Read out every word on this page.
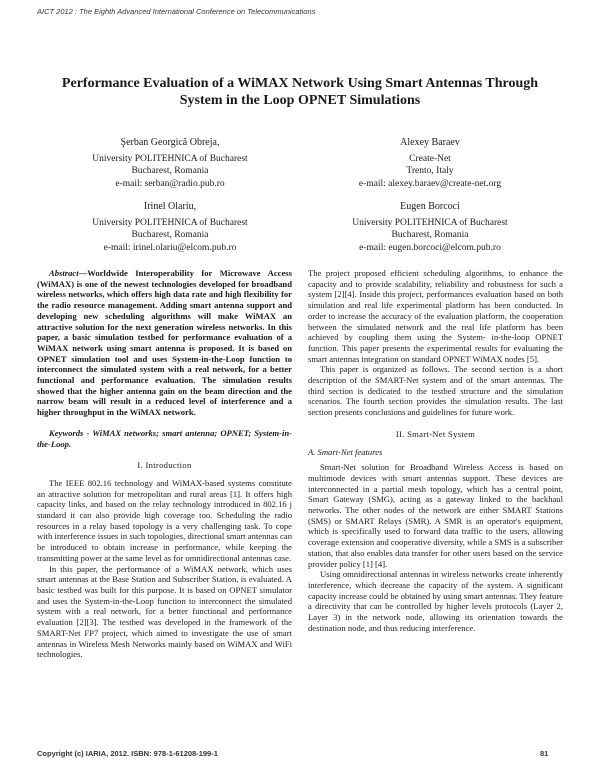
AICT 2012 : The Eighth Advanced International Conference on Telecommunications
Performance Evaluation of a WiMAX Network Using Smart Antennas Through
System in the Loop OPNET Simulations
Şerban Georgică Obreja,
University POLITEHNICA of Bucharest
Bucharest, Romania
e-mail: serban@radio.pub.ro
Alexey Baraev
Create-Net
Trento, Italy
e-mail: alexey.baraev@create-net.org
Irinel Olariu,
University POLITEHNICA of Bucharest
Bucharest, Romania
e-mail: irinel.olariu@elcom.pub.ro
Eugen Borcoci
University POLITEHNICA of Bucharest
Bucharest, Romania
e-mail: eugen.borcoci@elcom.pub.ro

Abstract—Worldwide Interoperability for Microwave Access (WiMAX) is one of the newest technologies developed for broadband wireless networks, which offers high data rate and high flexibility for the radio resource management. Adding smart antenna support and developing new scheduling algorithms will make WiMAX an attractive solution for the next generation wireless networks. In this paper, a basic simulation testbed for performance evaluation of a WiMAX network using smart antenna is proposed. It is based on OPNET simulation tool and uses System-in-the-Loop function to interconnect the simulated system with a real network, for a better functional and performance evaluation. The simulation results showed that the higher antenna gain on the beam direction and the narrow beam will result in a reduced level of interference and a higher throughput in the WiMAX network.

Keywords - WiMAX networks; smart antenna; OPNET; System-in-the-Loop.

I. Introduction

The IEEE 802.16 technology and WiMAX-based systems constitute an attractive solution for metropolitan and rural areas [1]. It offers high capacity links, and based on the relay technology introduced in 802.16 j standard it can also provide high coverage too. Scheduling the radio resources in a relay based topology is a very challenging task. To cope with interference issues in such topologies, directional smart antennas can be introduced to obtain increase in performance, while keeping the transmitting power at the same level as for omnidirectional antennas case.

In this paper, the performance of a WiMAX network, which uses smart antennas at the Base Station and Subscriber Station, is evaluated. A basic testbed was built for this purpose. It is based on OPNET simulator and uses the System-in-the-Loop function to interconnect the simulated system with a real network, for a better functional and performance evaluation [2][3]. The testbed was developed in the framework of the SMART-Net FP7 project, which aimed to investigate the use of smart antennas in Wireless Mesh Networks mainly based on WiMAX and WiFi technologies.

The project proposed efficient scheduling algorithms, to enhance the capacity and to provide scalability, reliability and robustness for such a system [2][4]. Inside this project, performances evaluation based on both simulation and real life experimental platform has been conducted. In order to increase the accuracy of the evaluation platform, the cooperation between the simulated network and the real life platform has been achieved by coupling them using the System- in-the-loop OPNET function. This paper presents the experimental results for evaluating the smart antennas integration on standard OPNET WiMAX nodes [5].

This paper is organized as follows. The second section is a short description of the SMART-Net system and of the smart antennas. The third section is dedicated to the testbed structure and the simulation scenarios. The fourth section provides the simulation results. The last section presents conclusions and guidelines for future work.

II. Smart-Net System

A. Smart-Net features

Smart-Net solution for Broadband Wireless Access is based on multimode devices with smart antennas support. These devices are interconnected in a partial mesh topology, which has a central point, Smart Gateway (SMG), acting as a gateway linked to the backhaul networks. The other nodes of the network are either SMART Stations (SMS) or SMART Relays (SMR). A SMR is an operator's equipment, which is specifically used to forward data traffic to the users, allowing coverage extension and cooperative diversity, while a SMS is a subscriber station, that also enables data transfer for other users based on the service provider policy [1] [4].

Using omnidirectional antennas in wireless networks create inherently interference, which decrease the capacity of the system. A significant capacity increase could be obtained by using smart antennas. They feature a directivity that can be controlled by higher levels protocols (Layer 2, Layer 3) in the network node, allowing its orientation towards the destination node, and thus reducing interference.

Copyright (c) IARIA, 2012. ISBN: 978-1-61208-199-1	81
